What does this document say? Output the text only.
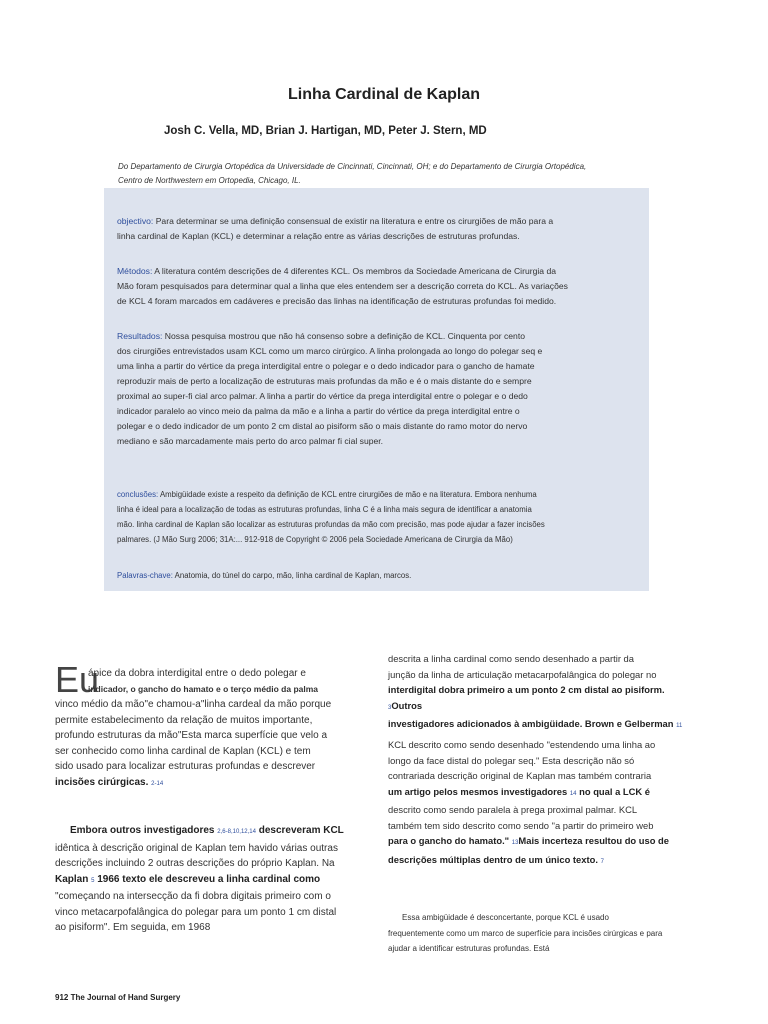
Linha Cardinal de Kaplan
Josh C. Vella, MD, Brian J. Hartigan, MD, Peter J. Stern, MD
Do Departamento de Cirurgia Ortopédica da Universidade de Cincinnati, Cincinnati, OH; e do Departamento de Cirurgia Ortopédica,
Centro de Northwestern em Ortopedia, Chicago, IL.
objectivo: Para determinar se uma definição consensual de existir na literatura e entre os cirurgiões de mão para a
linha cardinal de Kaplan (KCL) e determinar a relação entre as várias descrições de estruturas profundas.
Métodos: A literatura contém descrições de 4 diferentes KCL. Os membros da Sociedade Americana de Cirurgia da
Mão foram pesquisados para determinar qual a linha que eles entendem ser a descrição correta do KCL. As variações
de KCL 4 foram marcados em cadáveres e precisão das linhas na identificação de estruturas profundas foi medido.
Resultados: Nossa pesquisa mostrou que não há consenso sobre a definição de KCL. Cinquenta por cento
dos cirurgiões entrevistados usam KCL como um marco cirúrgico. A linha prolongada ao longo do polegar seq e
uma linha a partir do vértice da prega interdigital entre o polegar e o dedo indicador para o gancho de hamate
reproduzir mais de perto a localização de estruturas mais profundas da mão e é o mais distante do e sempre
proximal ao super-fi cial arco palmar. A linha a partir do vértice da prega interdigital entre o polegar e o dedo
indicador paralelo ao vinco meio da palma da mão e a linha a partir do vértice da prega interdigital entre o
polegar e o dedo indicador de um ponto 2 cm distal ao pisiform são o mais distante do ramo motor do nervo
mediano e são marcadamente mais perto do arco palmar fi cial super.
conclusões: Ambigüidade existe a respeito da definição de KCL entre cirurgiões de mão e na literatura. Embora nenhuma
linha é ideal para a localização de todas as estruturas profundas, linha C é a linha mais segura de identificar a anatomia
mão. linha cardinal de Kaplan são localizar as estruturas profundas da mão com precisão, mas pode ajudar a fazer incisões
palmares. (J Mão Surg 2006; 31A:... 912-918 de Copyright © 2006 pela Sociedade Americana de Cirurgia da Mão)
Palavras-chave: Anatomia, do túnel do carpo, mão, linha cardinal de Kaplan, marcos.
Eu
ápice da dobra interdigital entre o dedo polegar e
indicador, o gancho do hamato e o terço médio da palma
vinco médio da mão"e chamou-a"linha cardeal da mão porque
permite estabelecimento da relação de muitos importante,
profundo estruturas da mão"Esta marca superfície que velo a
ser conhecido como linha cardinal de Kaplan (KCL) e tem
sido usado para localizar estruturas profundas e descrever
incisões cirúrgicas. 2-14
Embora outros investigadores 2,6-8,10,12,14 descreveram KCL
idêntica à descrição original de Kaplan tem havido várias outras
descrições incluindo 2 outras descrições do próprio Kaplan. Na
Kaplan 5 1966 texto ele descreveu a linha cardinal como
"começando na intersecção da fi dobra digitais primeiro com o
vinco metacarpofalângica do polegar para um ponto 1 cm distal
ao pisiform". Em seguida, em 1968
descrita a linha cardinal como sendo desenhado a partir da
junção da linha de articulação metacarpofalângica do polegar no
interdigital dobra primeiro a um ponto 2 cm distal ao pisiform. 3Outros
investigadores adicionados à ambigüidade. Brown e Gelberman 11
KCL descrito como sendo desenhado "estendendo uma linha ao
longo da face distal do polegar seq." Esta descrição não só
contrariada descrição original de Kaplan mas também contraria
um artigo pelos mesmos investigadores 14 no qual a LCK é
descrito como sendo paralela à prega proximal palmar. KCL
também tem sido descrito como sendo "a partir do primeiro web
para o gancho do hamato." 13Mais incerteza resultou do uso de
descrições múltiplas dentro de um único texto. 7
Essa ambigüidade é desconcertante, porque KCL é usado
frequentemente como um marco de superfície para incisões cirúrgicas e para
ajudar a identificar estruturas profundas. Está
912 The Journal of Hand Surgery
